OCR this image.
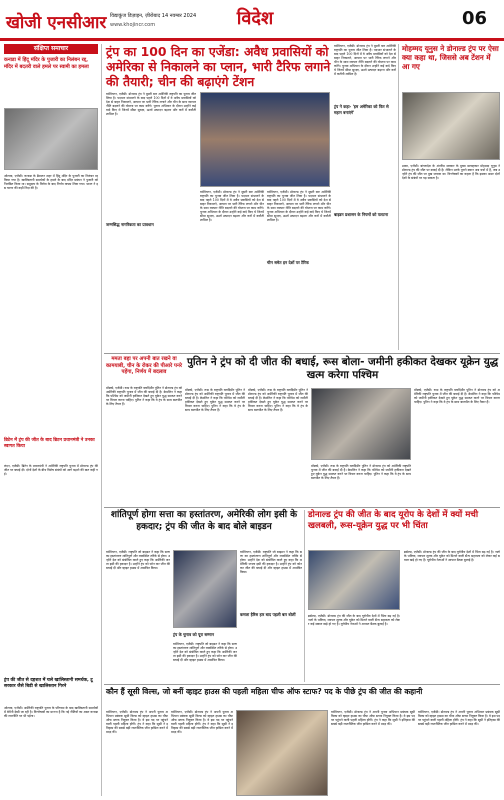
खोजी एनसीआर विद्याकुंज डिज़ाइन, ज़ीरोबाद 14 नवम्बर 2024
www.khojincr.com	विदेश	06
संक्षिप्त समाचार
कनाडा में हिंदू मंदिर के पुजारी का निलंबन रद्द, मंदिर में बदतरी वाले हमले पर स्वामी का हमला
ओटावा, एजेंसी। कनाडा के ब्रैम्पटन शहर में हिंदू मंदिर के पुजारी का निलंबन रद्द किया गया है। खालिस्तानी समर्थकों के हमले के बाद मंदिर प्रबंधन ने पुजारी को निलंबित किया था। समुदाय के विरोध के बाद निर्णय वापस लिया गया। भारत ने इस घटना की कड़ी निंदा की है।
ब्रिटेन में ट्रंप की जीत के बाद ब्रिटन प्रधानमंत्री ने उनका स्वागत किया
लंदन, एजेंसी। ब्रिटेन के प्रधानमंत्री ने अमेरिकी राष्ट्रपति चुनाव में डोनाल्ड ट्रंप की जीत पर बधाई दी। दोनों देशों के बीच विशेष संबंधों को आगे बढ़ाने की बात कही गई।
ट्रंप की जीत से दहशत में चले खालिस्तानी समर्थक, टू सरकार जैसे बिडी से खालिस्तान गिरने
ओटावा, एजेंसी। अमेरिकी राष्ट्रपति चुनाव के परिणाम के बाद खालिस्तानी समर्थकों में बेचैनी देखी जा रही है। विश्लेषकों का मानना है कि नई नीतियों का असर कनाडा की राजनीति पर भी पड़ेगा।
ट्रंप का 100 दिन का एजेंडा: अवैध प्रवासियों को अमेरिका से निकालने का प्लान, भारी टैरिफ लगाने की तैयारी; चीन की बढ़ाएंगे टेंशन
वाशिंगटन, एजेंसी। डोनाल्ड ट्रंप ने दूसरी बार अमेरिकी राष्ट्रपति का चुनाव जीत लिया है। पदभार संभालने के बाद पहले 100 दिनों में वे अवैध प्रवासियों को देश से बाहर निकालने, आयात पर भारी टैरिफ लगाने और चीन के साथ व्यापार नीति बदलने की योजना पर काम करेंगे। चुनाव अभियान के दौरान उन्होंने कई वादे किए थे जिनमें सीमा सुरक्षा, ऊर्जा उत्पादन बढ़ाना और करों में कटौती शामिल है।
जन्मसिद्ध नागरिकता का प्रावधान
वाशिंगटन, एजेंसी। डोनाल्ड ट्रंप ने दूसरी बार अमेरिकी राष्ट्रपति का चुनाव जीत लिया है। पदभार संभालने के बाद पहले 100 दिनों में वे अवैध प्रवासियों को देश से बाहर निकालने, आयात पर भारी टैरिफ लगाने और चीन के साथ व्यापार नीति बदलने की योजना पर काम करेंगे। चुनाव अभियान के दौरान उन्होंने कई वादे किए थे जिनमें सीमा सुरक्षा, ऊर्जा उत्पादन बढ़ाना और करों में कटौती शामिल है।
वाशिंगटन, एजेंसी। डोनाल्ड ट्रंप ने दूसरी बार अमेरिकी राष्ट्रपति का चुनाव जीत लिया है। पदभार संभालने के बाद पहले 100 दिनों में वे अवैध प्रवासियों को देश से बाहर निकालने, आयात पर भारी टैरिफ लगाने और चीन के साथ व्यापार नीति बदलने की योजना पर काम करेंगे। चुनाव अभियान के दौरान उन्होंने कई वादे किए थे जिनमें सीमा सुरक्षा, ऊर्जा उत्पादन बढ़ाना और करों में कटौती शामिल है।
चीन समेत इन देशों पर टैरिफ
वाशिंगटन, एजेंसी। डोनाल्ड ट्रंप ने दूसरी बार अमेरिकी राष्ट्रपति का चुनाव जीत लिया है। पदभार संभालने के बाद पहले 100 दिनों में वे अवैध प्रवासियों को देश से बाहर निकालने, आयात पर भारी टैरिफ लगाने और चीन के साथ व्यापार नीति बदलने की योजना पर काम करेंगे। चुनाव अभियान के दौरान उन्होंने कई वादे किए थे जिनमें सीमा सुरक्षा, ऊर्जा उत्पादन बढ़ाना और करों में कटौती शामिल है।
ट्रंप ने कहा- 'हम अमेरिका को फिर से महान बनाएंगे'
बाइडन प्रशासन के नियमों को पलटना
मोहम्मद यूनुस ने डोनाल्ड ट्रंप पर ऐसा क्या कहा था, जिससे अब टेंशन में आ गए
ढाका, एजेंसी। बांग्लादेश के अंतरिम सरकार के मुख्य सलाहकार मोहम्मद यूनुस ने डोनाल्ड ट्रंप की जीत पर बधाई दी है। लेकिन उनके पुराने बयान अब चर्चा में हैं, जब उन्होंने ट्रंप की जीत पर दुख जताया था। विश्लेषकों का कहना है कि इसका असर दोनों देशों के संबंधों पर पड़ सकता है।
पुतिन ने ट्रंप को दी जीत की बधाई, रूस बोला- जमीनी हकीकत देखकर यूक्रेन युद्ध खत्म करेगा पश्चिम
ममता बहा पर अपनी बात रखने वा कामयाबी, चीन के रोकर की पीआरे पनरे पहेंगा, निर्णय में बदलाव
मॉस्को, एजेंसी। रूस के राष्ट्रपति व्लादिमीर पुतिन ने डोनाल्ड ट्रंप को अमेरिकी राष्ट्रपति चुनाव में जीत की बधाई दी है। क्रेमलिन ने कहा कि पश्चिम को जमीनी हकीकत देखते हुए यूक्रेन युद्ध समाप्त करने पर विचार करना चाहिए। पुतिन ने कहा कि वे ट्रंप के साथ बातचीत के लिए तैयार हैं।
मॉस्को, एजेंसी। रूस के राष्ट्रपति व्लादिमीर पुतिन ने डोनाल्ड ट्रंप को अमेरिकी राष्ट्रपति चुनाव में जीत की बधाई दी है। क्रेमलिन ने कहा कि पश्चिम को जमीनी हकीकत देखते हुए यूक्रेन युद्ध समाप्त करने पर विचार करना चाहिए। पुतिन ने कहा कि वे ट्रंप के साथ बातचीत के लिए तैयार हैं।
मॉस्को, एजेंसी। रूस के राष्ट्रपति व्लादिमीर पुतिन ने डोनाल्ड ट्रंप को अमेरिकी राष्ट्रपति चुनाव में जीत की बधाई दी है। क्रेमलिन ने कहा कि पश्चिम को जमीनी हकीकत देखते हुए यूक्रेन युद्ध समाप्त करने पर विचार करना चाहिए। पुतिन ने कहा कि वे ट्रंप के साथ बातचीत के लिए तैयार हैं।
मॉस्को, एजेंसी। रूस के राष्ट्रपति व्लादिमीर पुतिन ने डोनाल्ड ट्रंप को अमेरिकी राष्ट्रपति चुनाव में जीत की बधाई दी है। क्रेमलिन ने कहा कि पश्चिम को जमीनी हकीकत देखते हुए यूक्रेन युद्ध समाप्त करने पर विचार करना चाहिए। पुतिन ने कहा कि वे ट्रंप के साथ बातचीत के लिए तैयार हैं।
मॉस्को, एजेंसी। रूस के राष्ट्रपति व्लादिमीर पुतिन ने डोनाल्ड ट्रंप को अमेरिकी राष्ट्रपति चुनाव में जीत की बधाई दी है। क्रेमलिन ने कहा कि पश्चिम को जमीनी हकीकत देखते हुए यूक्रेन युद्ध समाप्त करने पर विचार करना चाहिए। पुतिन ने कहा कि वे ट्रंप के साथ बातचीत के लिए तैयार हैं।
शांतिपूर्ण होगा सत्ता का हस्तांतरण, अमेरिकी लोग इसी के हकदार; ट्रंप की जीत के बाद बोले बाइडन
वाशिंगटन, एजेंसी। राष्ट्रपति जो बाइडन ने कहा कि सत्ता का हस्तांतरण शांतिपूर्ण और व्यवस्थित तरीके से होगा। उन्होंने देश को संबोधित करते हुए कहा कि अमेरिकी जनता इसी की हकदार है। उन्होंने ट्रंप को फोन कर जीत की बधाई दी और व्हाइट हाउस में आमंत्रित किया।
ट्रंप के चुनाव को पूरा सम्मान
वाशिंगटन, एजेंसी। राष्ट्रपति जो बाइडन ने कहा कि सत्ता का हस्तांतरण शांतिपूर्ण और व्यवस्थित तरीके से होगा। उन्होंने देश को संबोधित करते हुए कहा कि अमेरिकी जनता इसी की हकदार है। उन्होंने ट्रंप को फोन कर जीत की बधाई दी और व्हाइट हाउस में आमंत्रित किया।
वाशिंगटन, एजेंसी। राष्ट्रपति जो बाइडन ने कहा कि सत्ता का हस्तांतरण शांतिपूर्ण और व्यवस्थित तरीके से होगा। उन्होंने देश को संबोधित करते हुए कहा कि अमेरिकी जनता इसी की हकदार है। उन्होंने ट्रंप को फोन कर जीत की बधाई दी और व्हाइट हाउस में आमंत्रित किया।
कमला हैरिस हार बाद पहली बार बोलीं
डोनाल्ड ट्रंप की जीत के बाद यूरोप के देशों में क्यों मची खलबली, रूस-यूक्रेन युद्ध पर भी चिंता
ब्रसेल्स, एजेंसी। डोनाल्ड ट्रंप की जीत के बाद यूरोपीय देशों में चिंता बढ़ गई है। नाटो के भविष्य, व्यापार शुल्क और यूक्रेन को मिलने वाली सैन्य सहायता को लेकर कई सवाल खड़े हो गए हैं। यूरोपीय नेताओं ने आपात बैठक बुलाई है।
ब्रसेल्स, एजेंसी। डोनाल्ड ट्रंप की जीत के बाद यूरोपीय देशों में चिंता बढ़ गई है। नाटो के भविष्य, व्यापार शुल्क और यूक्रेन को मिलने वाली सैन्य सहायता को लेकर कई सवाल खड़े हो गए हैं। यूरोपीय नेताओं ने आपात बैठक बुलाई है।
कौन हैं सूसी विल्स, जो बनीं व्हाइट हाउस की पहली महिला चीफ ऑफ स्टाफ? पद के पीछे ट्रंप की जीत की कहानी
वाशिंगटन, एजेंसी। डोनाल्ड ट्रंप ने अपनी चुनाव अभियान प्रबंधक सूसी विल्स को व्हाइट हाउस का चीफ ऑफ स्टाफ नियुक्त किया है। वे इस पद पर पहुंचने वाली पहली महिला होंगी। ट्रंप ने कहा कि सूसी ने इतिहास की सबसे बड़ी राजनीतिक जीत हासिल करने में मदद की।
वाशिंगटन, एजेंसी। डोनाल्ड ट्रंप ने अपनी चुनाव अभियान प्रबंधक सूसी विल्स को व्हाइट हाउस का चीफ ऑफ स्टाफ नियुक्त किया है। वे इस पद पर पहुंचने वाली पहली महिला होंगी। ट्रंप ने कहा कि सूसी ने इतिहास की सबसे बड़ी राजनीतिक जीत हासिल करने में मदद की।
वाशिंगटन, एजेंसी। डोनाल्ड ट्रंप ने अपनी चुनाव अभियान प्रबंधक सूसी विल्स को व्हाइट हाउस का चीफ ऑफ स्टाफ नियुक्त किया है। वे इस पद पर पहुंचने वाली पहली महिला होंगी। ट्रंप ने कहा कि सूसी ने इतिहास की सबसे बड़ी राजनीतिक जीत हासिल करने में मदद की।
वाशिंगटन, एजेंसी। डोनाल्ड ट्रंप ने अपनी चुनाव अभियान प्रबंधक सूसी विल्स को व्हाइट हाउस का चीफ ऑफ स्टाफ नियुक्त किया है। वे इस पद पर पहुंचने वाली पहली महिला होंगी। ट्रंप ने कहा कि सूसी ने इतिहास की सबसे बड़ी राजनीतिक जीत हासिल करने में मदद की।
